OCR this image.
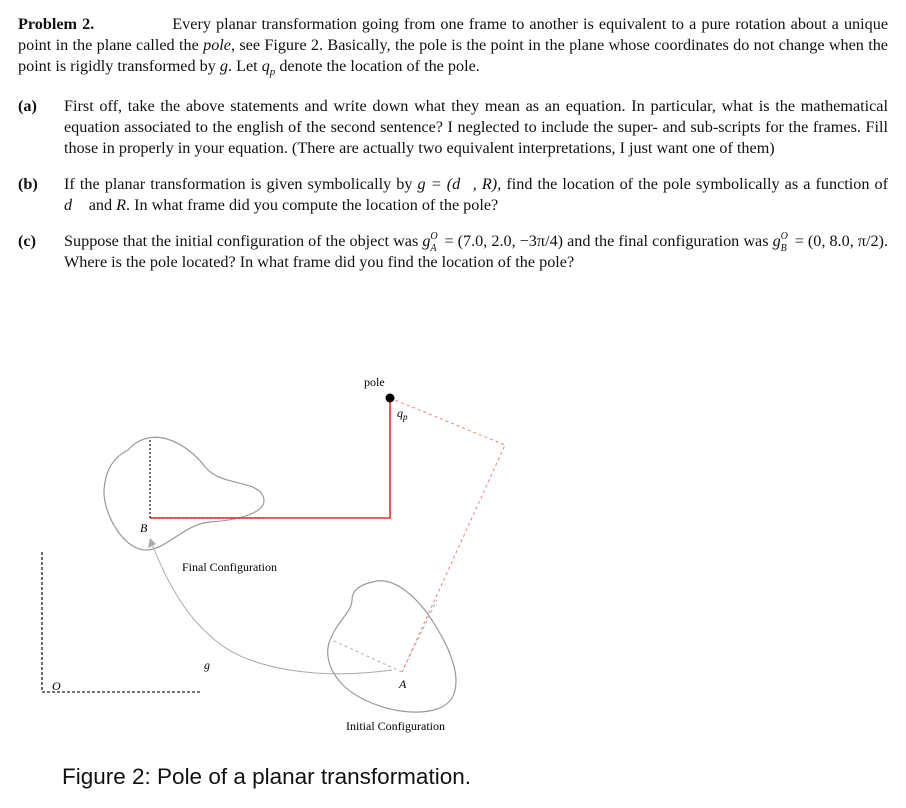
Problem 2.	Every planar transformation going from one frame to another is equivalent to a pure rotation about a unique point in the plane called the pole, see Figure 2. Basically, the pole is the point in the plane whose coordinates do not change when the point is rigidly transformed by g. Let $q_p$ denote the location of the pole.
(a) First off, take the above statements and write down what they mean as an equation. In particular, what is the mathematical equation associated to the english of the second sentence? I neglected to include the super- and sub-scripts for the frames. Fill those in properly in your equation. (There are actually two equivalent interpretations, I just want one of them)
(b) If the planar transformation is given symbolically by g = (d⃗, R), find the location of the pole symbolically as a function of d⃗ and R. In what frame did you compute the location of the pole?
(c) Suppose that the initial configuration of the object was g O
A = (7.0, 2.0, −3π/4) and the final configuration was g O
B = (0, 8.0, π/2). Where is the pole located? In what frame did you find the location of the pole?
O
B
Final Configuration
g
A
Initial Configuration
pole
$q_p$
Figure 2: Pole of a planar transformation.
